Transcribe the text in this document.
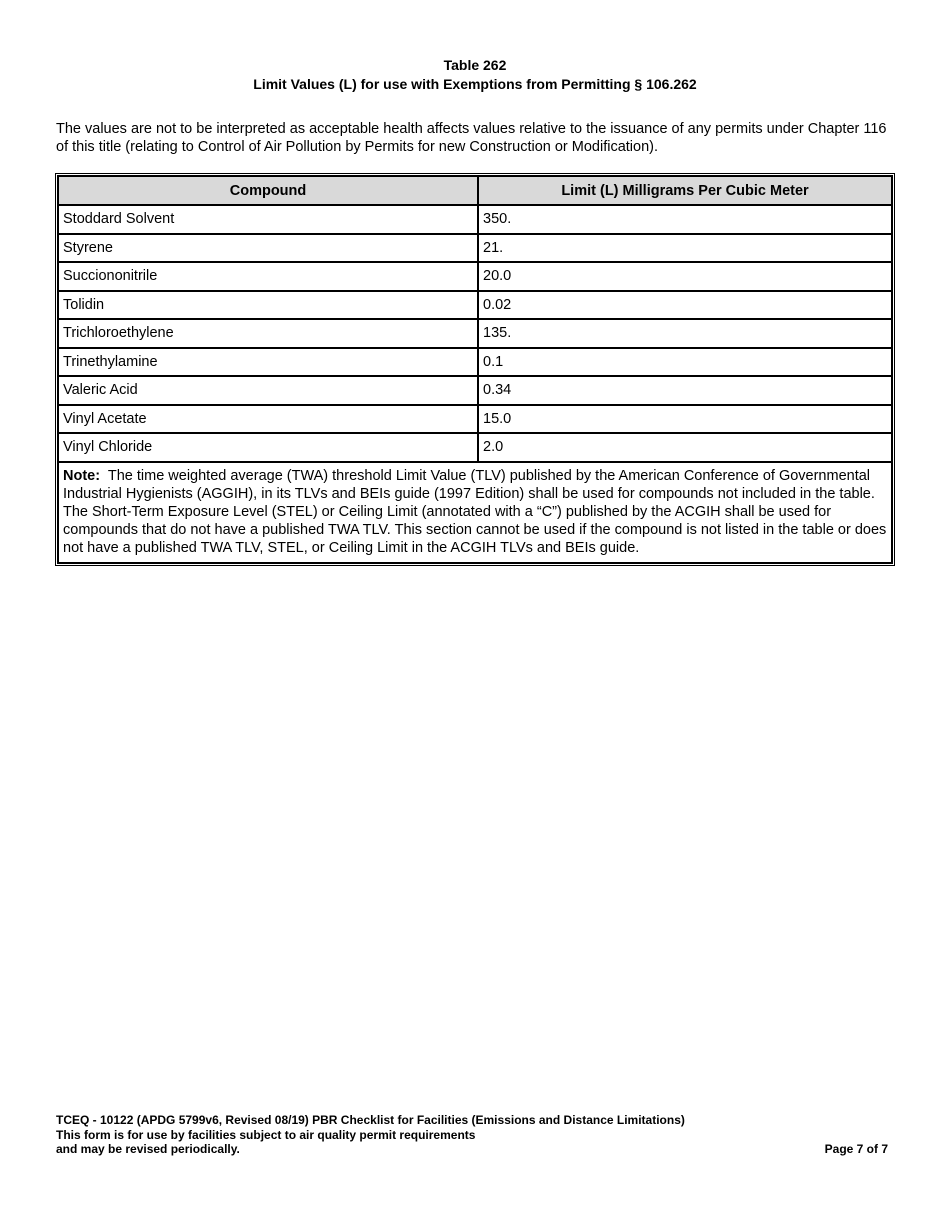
Table 262
Limit Values (L) for use with Exemptions from Permitting § 106.262
The values are not to be interpreted as acceptable health affects values relative to the issuance of any permits under Chapter 116 of this title (relating to Control of Air Pollution by Permits for new Construction or Modification).
Compound	Limit (L) Milligrams Per Cubic Meter
Stoddard Solvent	350.
Styrene	21.
Succiononitrile	20.0
Tolidin	0.02
Trichloroethylene	135.
Trinethylamine	0.1
Valeric Acid	0.34
Vinyl Acetate	15.0
Vinyl Chloride	2.0
Note: The time weighted average (TWA) threshold Limit Value (TLV) published by the American Conference of Governmental Industrial Hygienists (AGGIH), in its TLVs and BEIs guide (1997 Edition) shall be used for compounds not included in the table. The Short-Term Exposure Level (STEL) or Ceiling Limit (annotated with a “C”) published by the ACGIH shall be used for compounds that do not have a published TWA TLV. This section cannot be used if the compound is not listed in the table or does not have a published TWA TLV, STEL, or Ceiling Limit in the ACGIH TLVs and BEIs guide.	
TCEQ - 10122 (APDG 5799v6, Revised 08/19) PBR Checklist for Facilities (Emissions and Distance Limitations)
This form is for use by facilities subject to air quality permit requirements
and may be revised periodically.	Page 7 of 7
